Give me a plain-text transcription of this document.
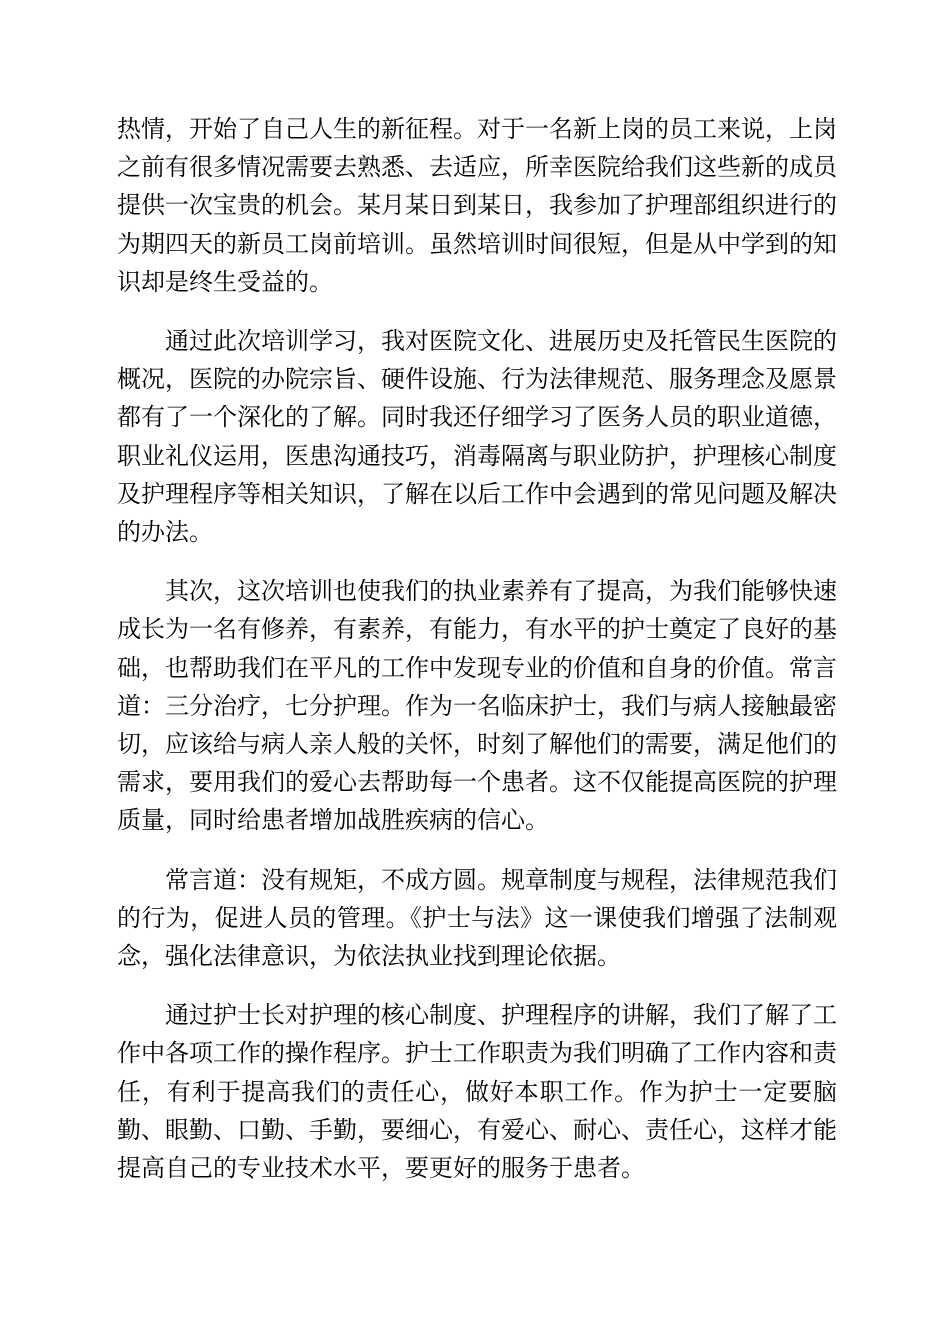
热情，开始了自己人生的新征程。对于一名新上岗的员工来说，上岗之前有很多情况需要去熟悉、去适应，所幸医院给我们这些新的成员提供一次宝贵的机会。某月某日到某日，我参加了护理部组织进行的为期四天的新员工岗前培训。虽然培训时间很短，但是从中学到的知识却是终生受益的。

通过此次培训学习，我对医院文化、进展历史及托管民生医院的概况，医院的办院宗旨、硬件设施、行为法律规范、服务理念及愿景都有了一个深化的了解。同时我还仔细学习了医务人员的职业道德，职业礼仪运用，医患沟通技巧，消毒隔离与职业防护，护理核心制度及护理程序等相关知识，了解在以后工作中会遇到的常见问题及解决的办法。

其次，这次培训也使我们的执业素养有了提高，为我们能够快速成长为一名有修养，有素养，有能力，有水平的护士奠定了良好的基础，也帮助我们在平凡的工作中发现专业的价值和自身的价值。常言道：三分治疗，七分护理。作为一名临床护士，我们与病人接触最密切，应该给与病人亲人般的关怀，时刻了解他们的需要，满足他们的需求，要用我们的爱心去帮助每一个患者。这不仅能提高医院的护理质量，同时给患者增加战胜疾病的信心。

常言道：没有规矩，不成方圆。规章制度与规程，法律规范我们的行为，促进人员的管理。《护士与法》这一课使我们增强了法制观念，强化法律意识，为依法执业找到理论依据。

通过护士长对护理的核心制度、护理程序的讲解，我们了解了工作中各项工作的操作程序。护士工作职责为我们明确了工作内容和责任，有利于提高我们的责任心，做好本职工作。作为护士一定要脑勤、眼勤、口勤、手勤，要细心，有爱心、耐心、责任心，这样才能提高自己的专业技术水平，要更好的服务于患者。
